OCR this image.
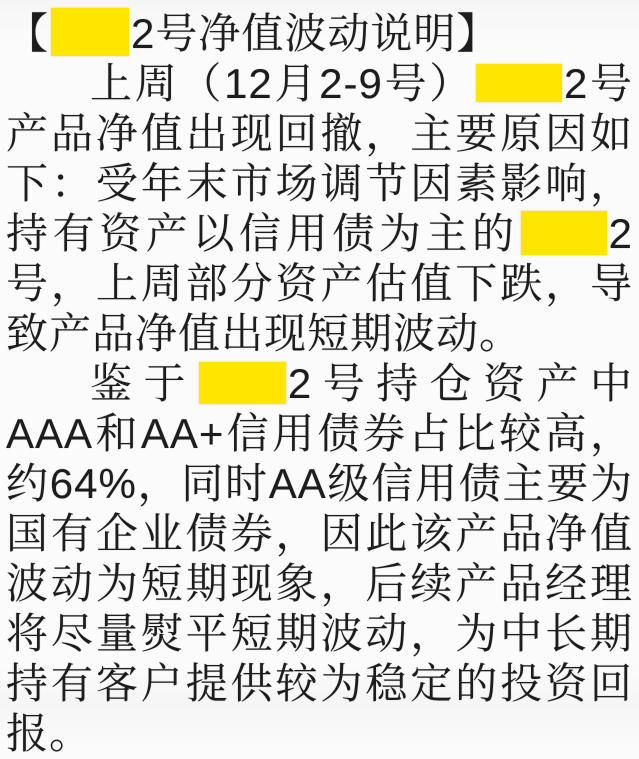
【 2号净值波动说明】

上周（12月2-9号） 2号产品净值出现回撤，主要原因如下：受年末市场调节因素影响，持有资产以信用债为主的 2号，上周部分资产估值下跌，导致产品净值出现短期波动。

鉴于 2号持仓资产中AAA和AA+信用债券占比较高，约64%，同时AA级信用债主要为国有企业债券，因此该产品净值波动为短期现象，后续产品经理将尽量熨平短期波动，为中长期持有客户提供较为稳定的投资回报。
